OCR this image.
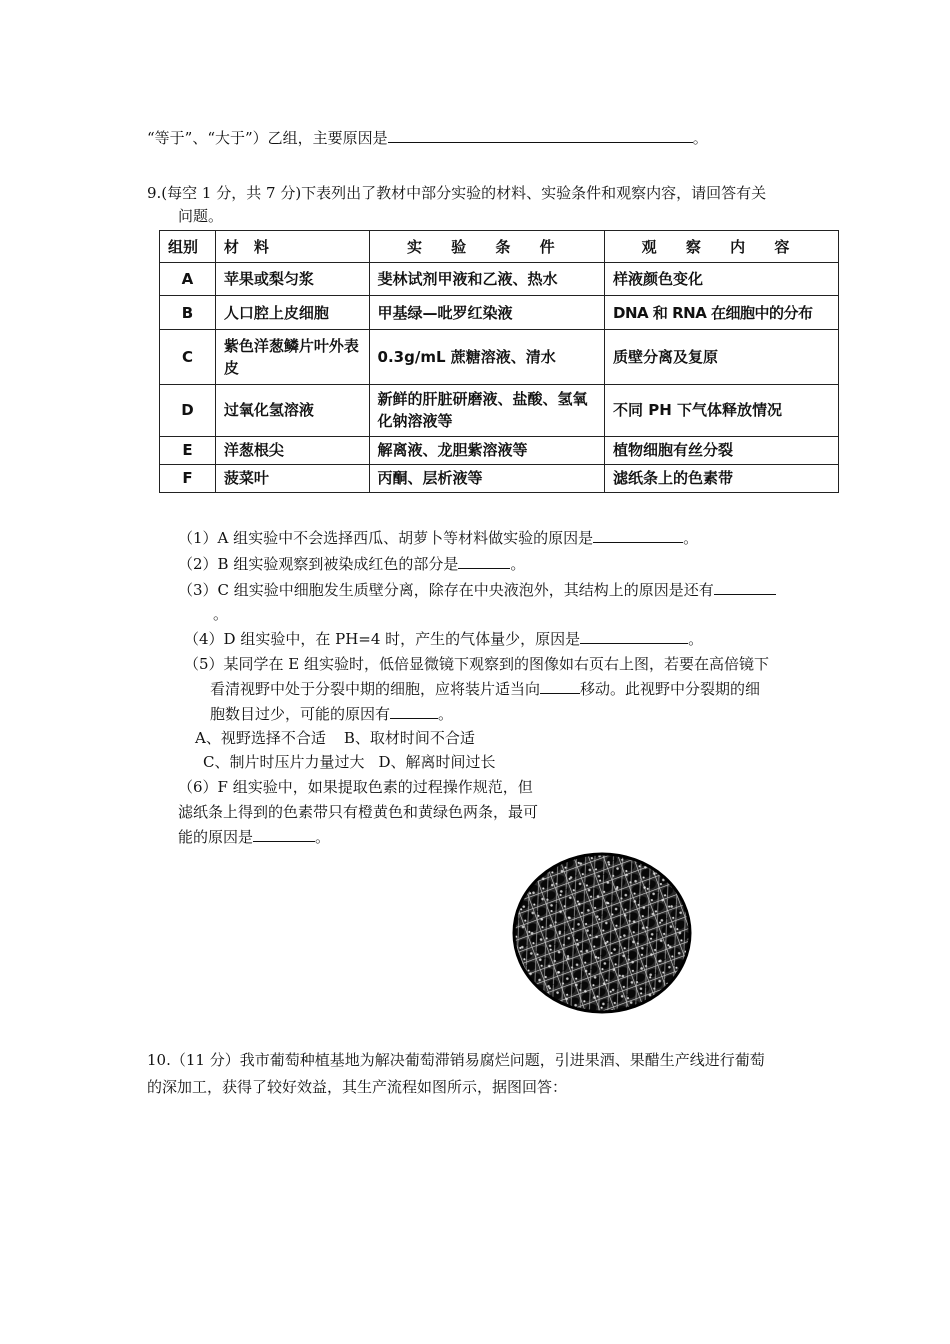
“等于”、“大于”）乙组，主要原因是	。
9.(每空 1 分，共 7 分)下表列出了教材中部分实验的材料、实验条件和观察内容，请回答有关
问题。
组别	材　料	实 验 条 件	观 察 内 容
A	苹果或梨匀浆	斐林试剂甲液和乙液、热水	样液颜色变化
B	人口腔上皮细胞	甲基绿—吡罗红染液	DNA 和 RNA 在细胞中的分布
C	紫色洋葱鳞片叶外表皮	0.3g/mL 蔗糖溶液、清水	质壁分离及复原
D	过氧化氢溶液	新鲜的肝脏研磨液、盐酸、氢氧化钠溶液等	不同 PH 下气体释放情况
E	洋葱根尖	解离液、龙胆紫溶液等	植物细胞有丝分裂
F	菠菜叶	丙酮、层析液等	滤纸条上的色素带
（1）A 组实验中不会选择西瓜、胡萝卜等材料做实验的原因是	。
（2）B 组实验观察到被染成红色的部分是	。
（3）C 组实验中细胞发生质壁分离，除存在中央液泡外，其结构上的原因是还有
。
（4）D 组实验中，在 PH=4 时，产生的气体量少，原因是	。
（5）某同学在 E 组实验时，低倍显微镜下观察到的图像如右页右上图，若要在高倍镜下
看清视野中处于分裂中期的细胞，应将装片适当向	移动。此视野中分裂期的细
胞数目过少，可能的原因有	。
A、视野选择不合适 B、取材时间不合适
C、制片时压片力量过大 D、解离时间过长
（6）F 组实验中，如果提取色素的过程操作规范，但
滤纸条上得到的色素带只有橙黄色和黄绿色两条，最可
能的原因是	。
10.（11 分）我市葡萄种植基地为解决葡萄滞销易腐烂问题，引进果酒、果醋生产线进行葡萄
的深加工，获得了较好效益，其生产流程如图所示，据图回答：
